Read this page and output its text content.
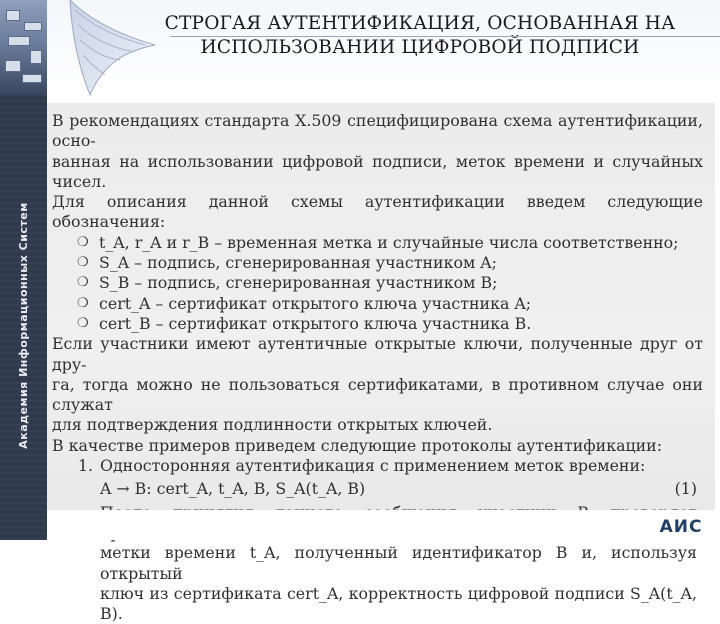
Академия Информационных Систем
СТРОГАЯ АУТЕНТИФИКАЦИЯ, ОСНОВАННАЯ НА
ИСПОЛЬЗОВАНИИ ЦИФРОВОЙ ПОДПИСИ

В рекомендациях стандарта X.509 специфицирована схема аутентификации, осно-

ванная на использовании цифровой подписи, меток времени и случайных чисел.

Для описания данной схемы аутентификации введем следующие обозначения:

❍ t_A, r_A и r_B – временная метка и случайные числа соответственно;
❍ S_A – подпись, сгенерированная участником A;
❍ S_B – подпись, сгенерированная участником B;
❍ cert_A – сертификат открытого ключа участника A;
❍ cert_B – сертификат открытого ключа участника B.

Если участники имеют аутентичные открытые ключи, полученные друг от дру-

га, тогда можно не пользоваться сертификатами, в противном случае они служат

для подтверждения подлинности открытых ключей.

В качестве примеров приведем следующие протоколы аутентификации:

1. Односторонняя аутентификация с применением меток времени:
A → B: cert_A, t_A, B, S_A(t_A, B)	(1)
метки времени t_A, полученный идентификатор B и, используя открытый
ключ из сертификата cert_A, корректность цифровой подписи S_A(t_A, B).
АИС
